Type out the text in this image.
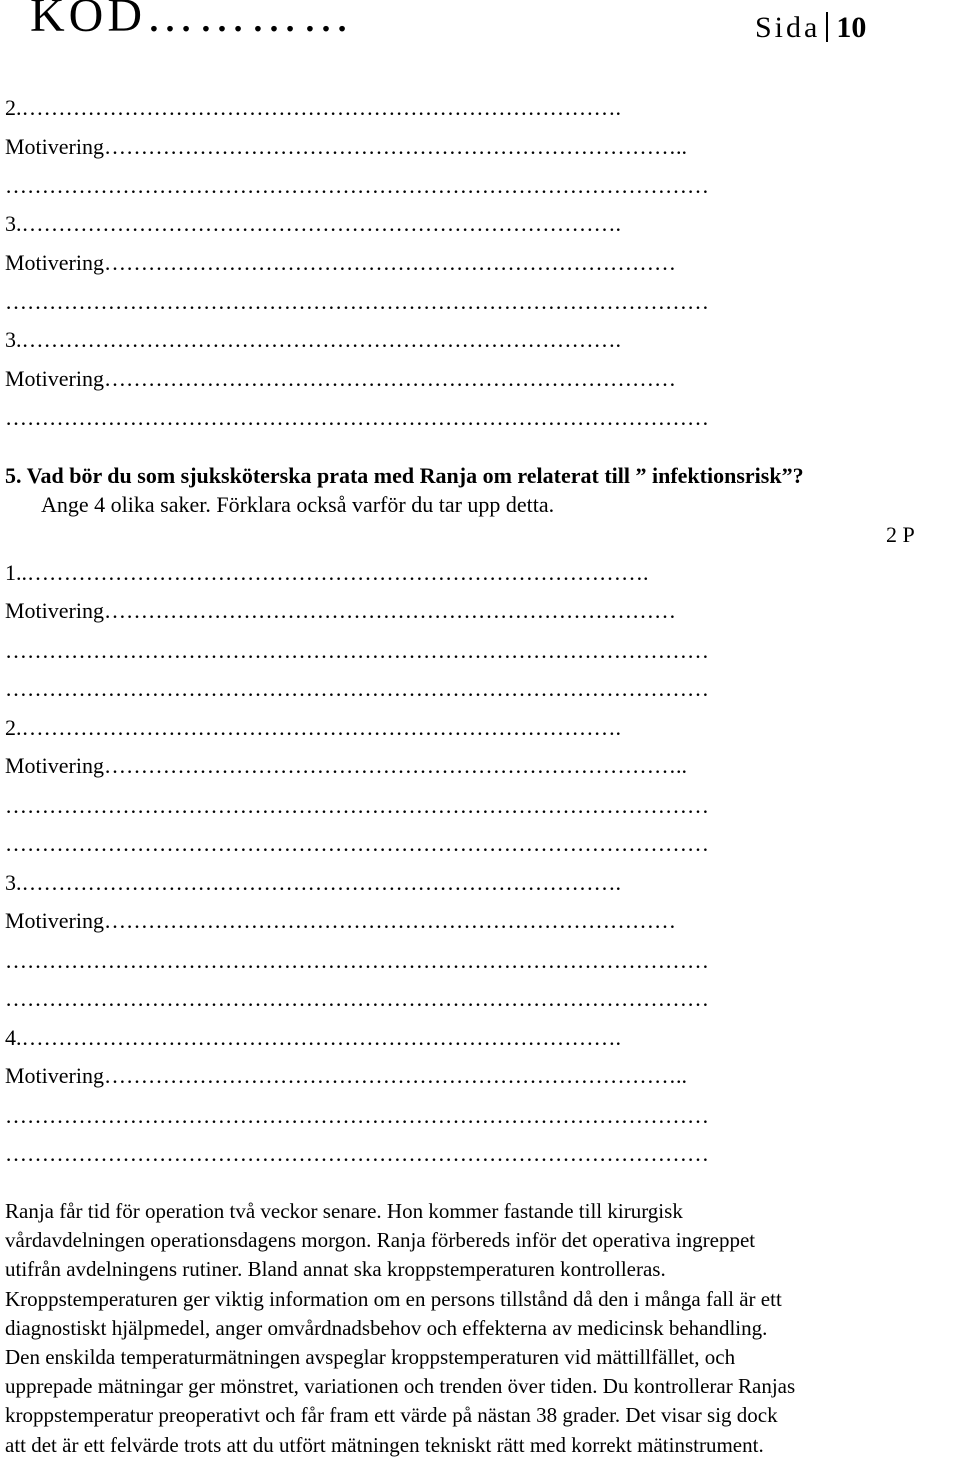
KOD…………	Sida 10
2.……………………………………………………………………….
Motivering……………………………………………………………………..
……………………………………………………………………………………
3.……………………………………………………………………….
Motivering……………………………………………………………………
……………………………………………………………………………………
3.……………………………………………………………………….
Motivering……………………………………………………………………
……………………………………………………………………………………
5. Vad bör du som sjuksköterska prata med Ranja om relaterat till ” infektionsrisk”?
Ange 4 olika saker. Förklara också varför du tar upp detta.
2 P
1..………………………………………………………………………….
Motivering……………………………………………………………………
……………………………………………………………………………………
……………………………………………………………………………………
2.……………………………………………………………………….
Motivering……………………………………………………………………..
……………………………………………………………………………………
……………………………………………………………………………………
3.……………………………………………………………………….
Motivering……………………………………………………………………
……………………………………………………………………………………
……………………………………………………………………………………
4.……………………………………………………………………….
Motivering……………………………………………………………………..
……………………………………………………………………………………
……………………………………………………………………………………
Ranja får tid för operation två veckor senare. Hon kommer fastande till kirurgisk
vårdavdelningen operationsdagens morgon. Ranja förbereds inför det operativa ingreppet
utifrån avdelningens rutiner. Bland annat ska kroppstemperaturen kontrolleras.
Kroppstemperaturen ger viktig information om en persons tillstånd då den i många fall är ett
diagnostiskt hjälpmedel, anger omvårdnadsbehov och effekterna av medicinsk behandling.
Den enskilda temperaturmätningen avspeglar kroppstemperaturen vid mättillfället, och
upprepade mätningar ger mönstret, variationen och trenden över tiden. Du kontrollerar Ranjas
kroppstemperatur preoperativt och får fram ett värde på nästan 38 grader. Det visar sig dock
att det är ett felvärde trots att du utfört mätningen tekniskt rätt med korrekt mätinstrument.
